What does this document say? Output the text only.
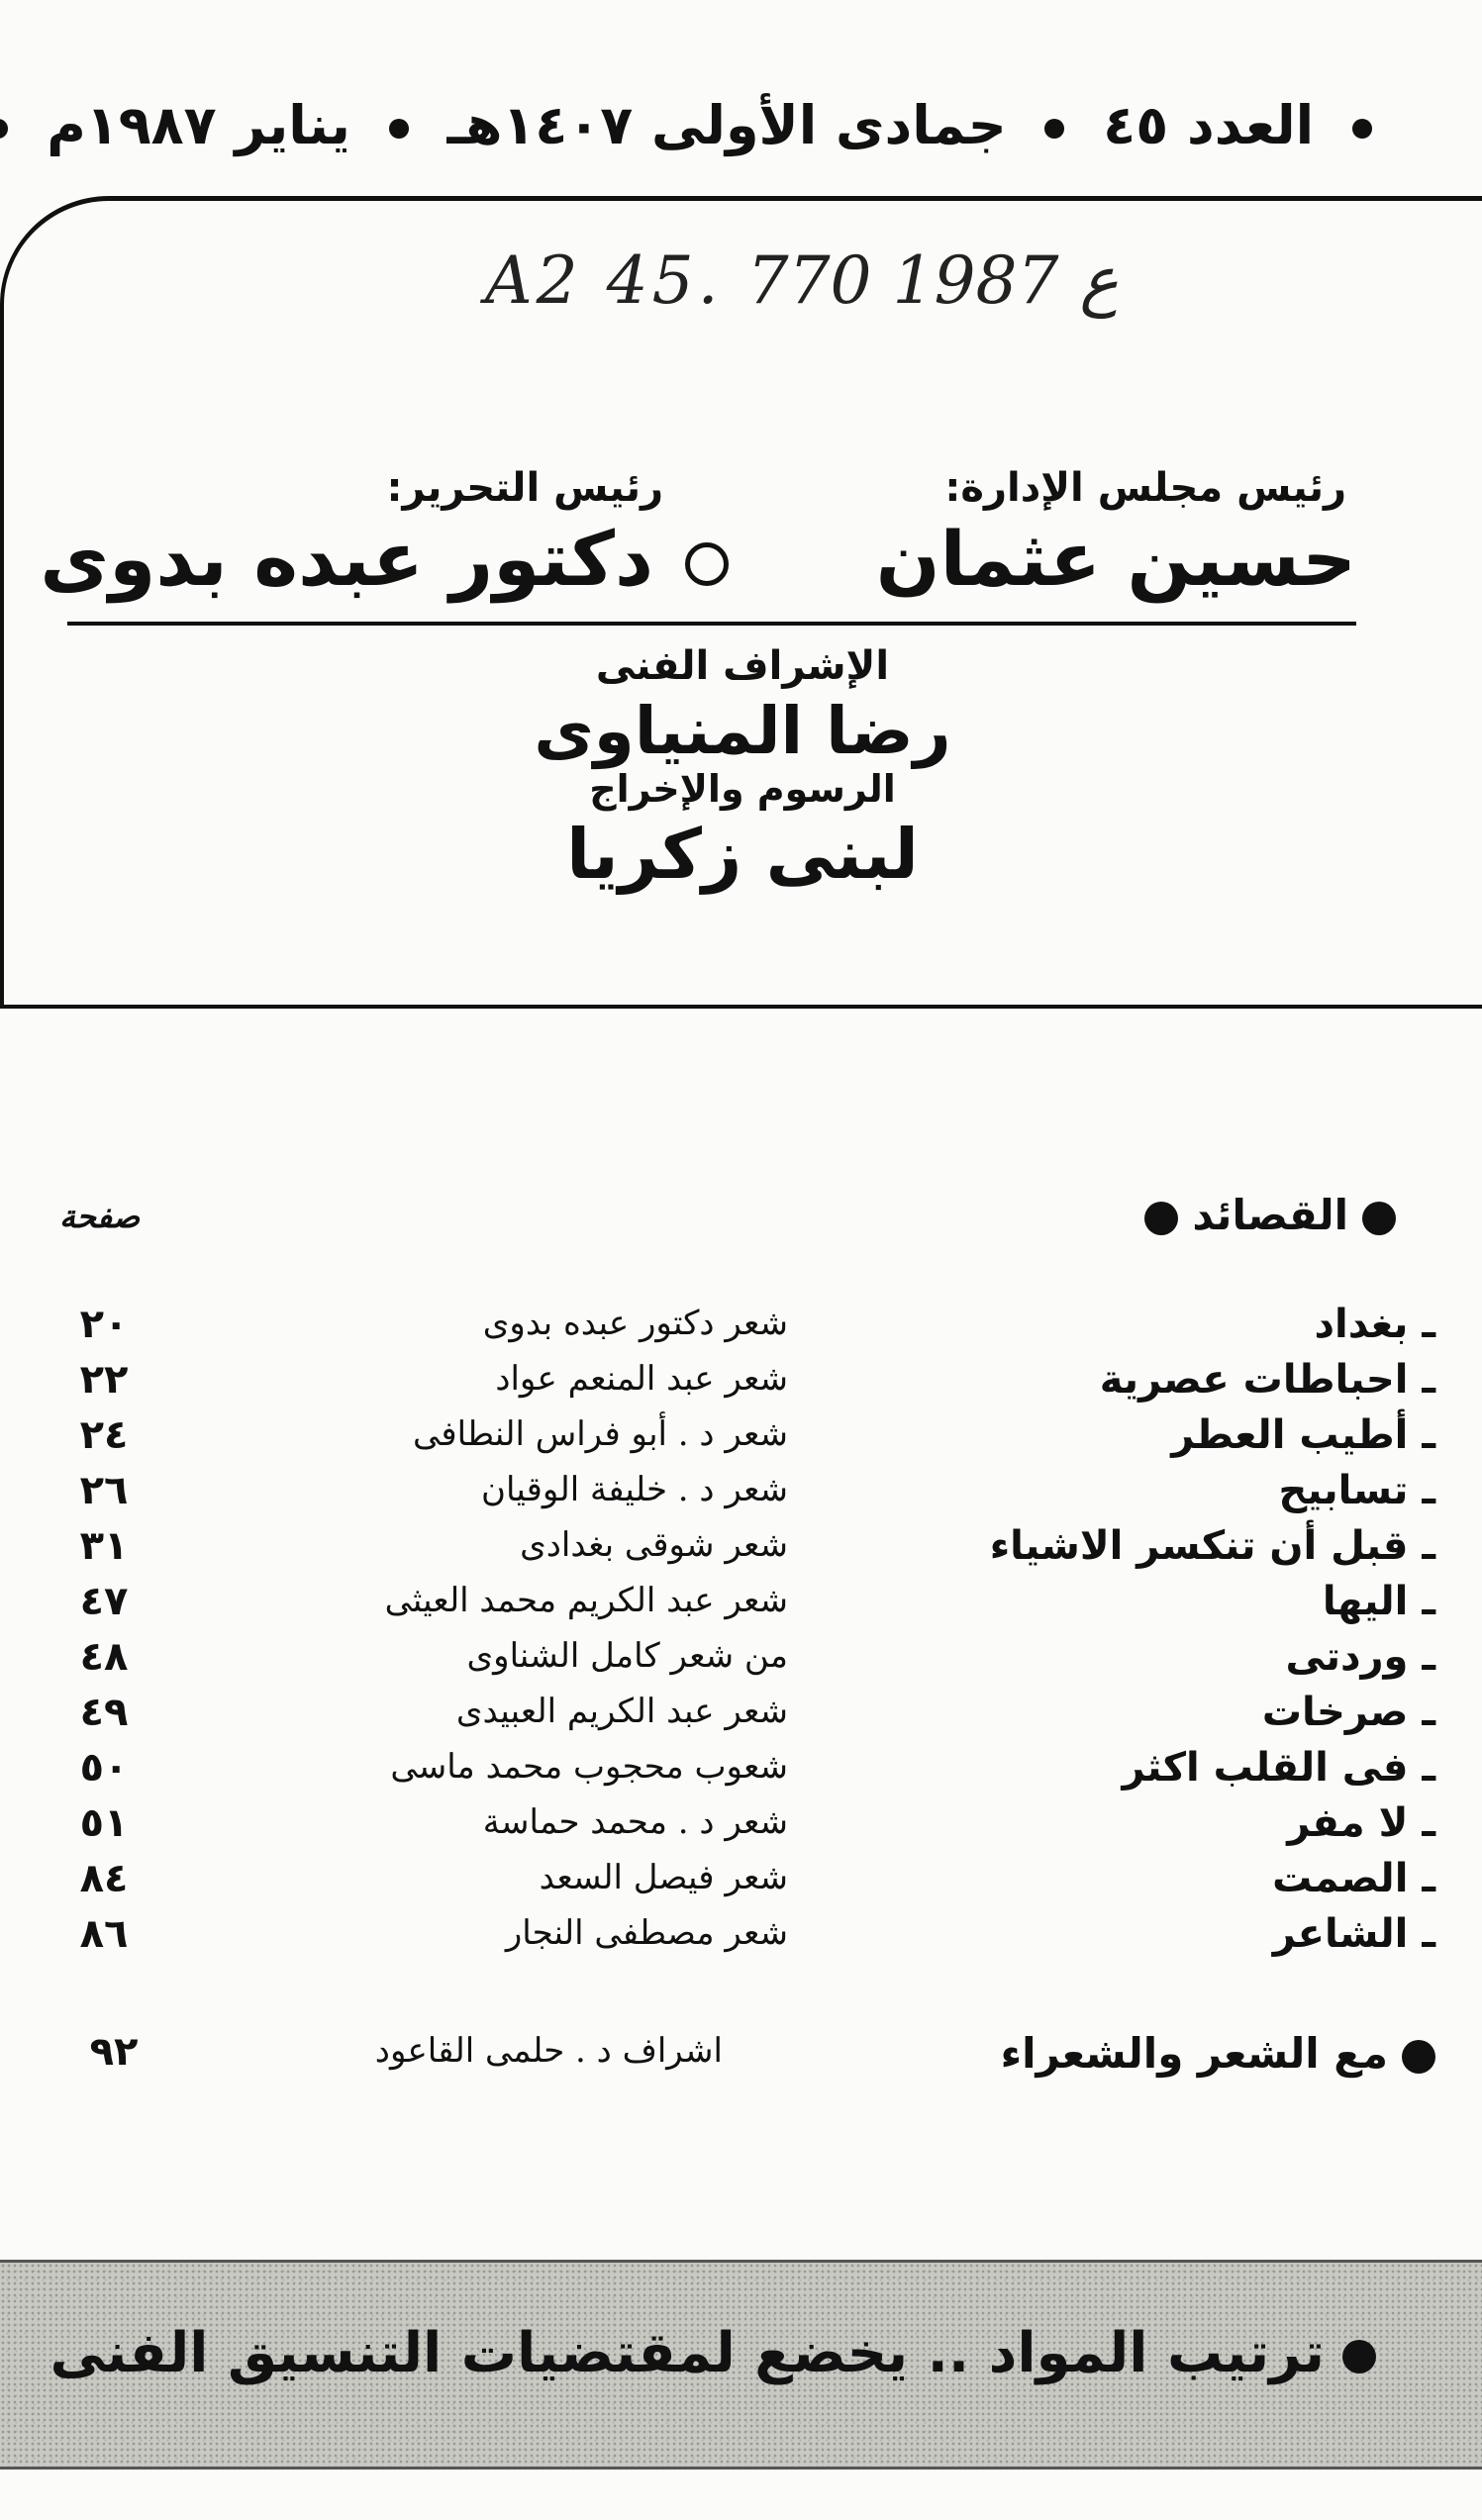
العدد ٤٥  جمادى الأولى ١٤٠٧هـ  يناير ١٩٨٧م
A2 45. ع 1987 770
رئيس مجلس الإدارة:
رئيس التحرير:
حسين عثمان
دكتور عبده بدوى
الإشراف الفنى
رضا المنياوى
الرسوم والإخراج
لبنى زكريا
القصائد
صفحة
ـ بغداد
شعر دكتور عبده بدوى
٢٠
ـ احباطات عصرية
شعر عبد المنعم عواد
٢٢
ـ أطيب العطر
شعر د . أبو فراس النطافى
٢٤
ـ تسابيح
شعر د . خليفة الوقيان
٢٦
ـ قبل أن تنكسر الاشياء
شعر شوقى بغدادى
٣١
ـ اليها
شعر عبد الكريم محمد العيثى
٤٧
ـ وردتى
من شعر كامل الشناوى
٤٨
ـ صرخات
شعر عبد الكريم العبيدى
٤٩
ـ فى القلب اكثر
شعوب محجوب محمد ماسى
٥٠
ـ لا مفر
شعر د . محمد حماسة
٥١
ـ الصمت
شعر فيصل السعد
٨٤
ـ الشاعر
شعر مصطفى النجار
٨٦
مع الشعر والشعراء
اشراف د . حلمى القاعود
٩٢
ترتيب المواد .. يخضع لمقتضيات التنسيق الفنى
